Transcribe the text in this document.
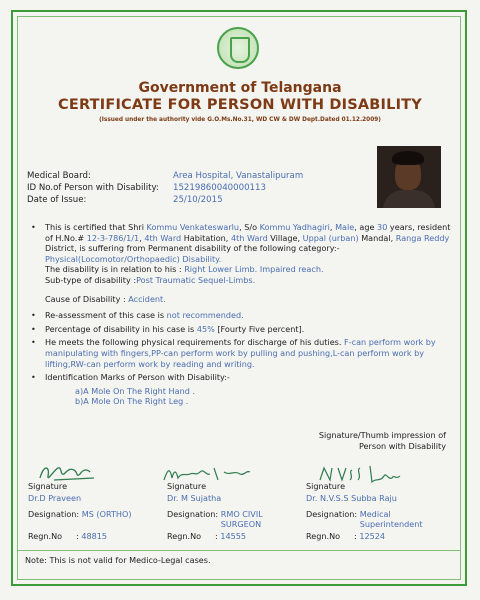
Government of Telangana
CERTIFICATE FOR PERSON WITH DISABILITY
(Issued under the authority vide G.O.Ms.No.31, WD CW & DW Dept.Dated 01.12.2009)
Medical Board:	Area Hospital, Vanastalipuram
ID No.of Person with Disability: 15219860040000113
Date of Issue:	25/10/2015
• This is certified that Shri Kommu Venkateswarlu, S/o Kommu Yadhagiri, Male, age 30 years, resident of H.No.# 12-3-786/1/1, 4th Ward Habitation, 4th Ward Village, Uppal (urban) Mandal, Ranga Reddy District, is suffering from Permanent disability of the following category:-
Physical(Locomotor/Orthopaedic) Disability.
The disability is in relation to his : Right Lower Limb. Impaired reach.
Sub-type of disability :Post Traumatic Sequel-Limbs.
Cause of Disability : Accident.
• Re-assessment of this case is not recommended.
• Percentage of disability in his case is 45% [Fourty Five percent].
• He meets the following physical requirements for discharge of his duties. F-can perform work by manipulating with fingers,PP-can perform work by pulling and pushing,L-can perform work by lifting,RW-can perform work by reading and writing.
• Identification Marks of Person with Disability:-
a)A Mole On The Right Hand .
b)A Mole On The Right Leg .
Signature/Thumb impression of Person with Disability
Signature
Dr.D Praveen
Designation: MS (ORTHO)
Regn.No : 48815
Signature
Dr. M Sujatha
Designation: RMO CIVIL SURGEON
Regn.No : 14555
Signature
Dr. N.V.S.S Subba Raju
Designation: Medical Superintendent
Regn.No : 12524
Note: This is not valid for Medico-Legal cases.
